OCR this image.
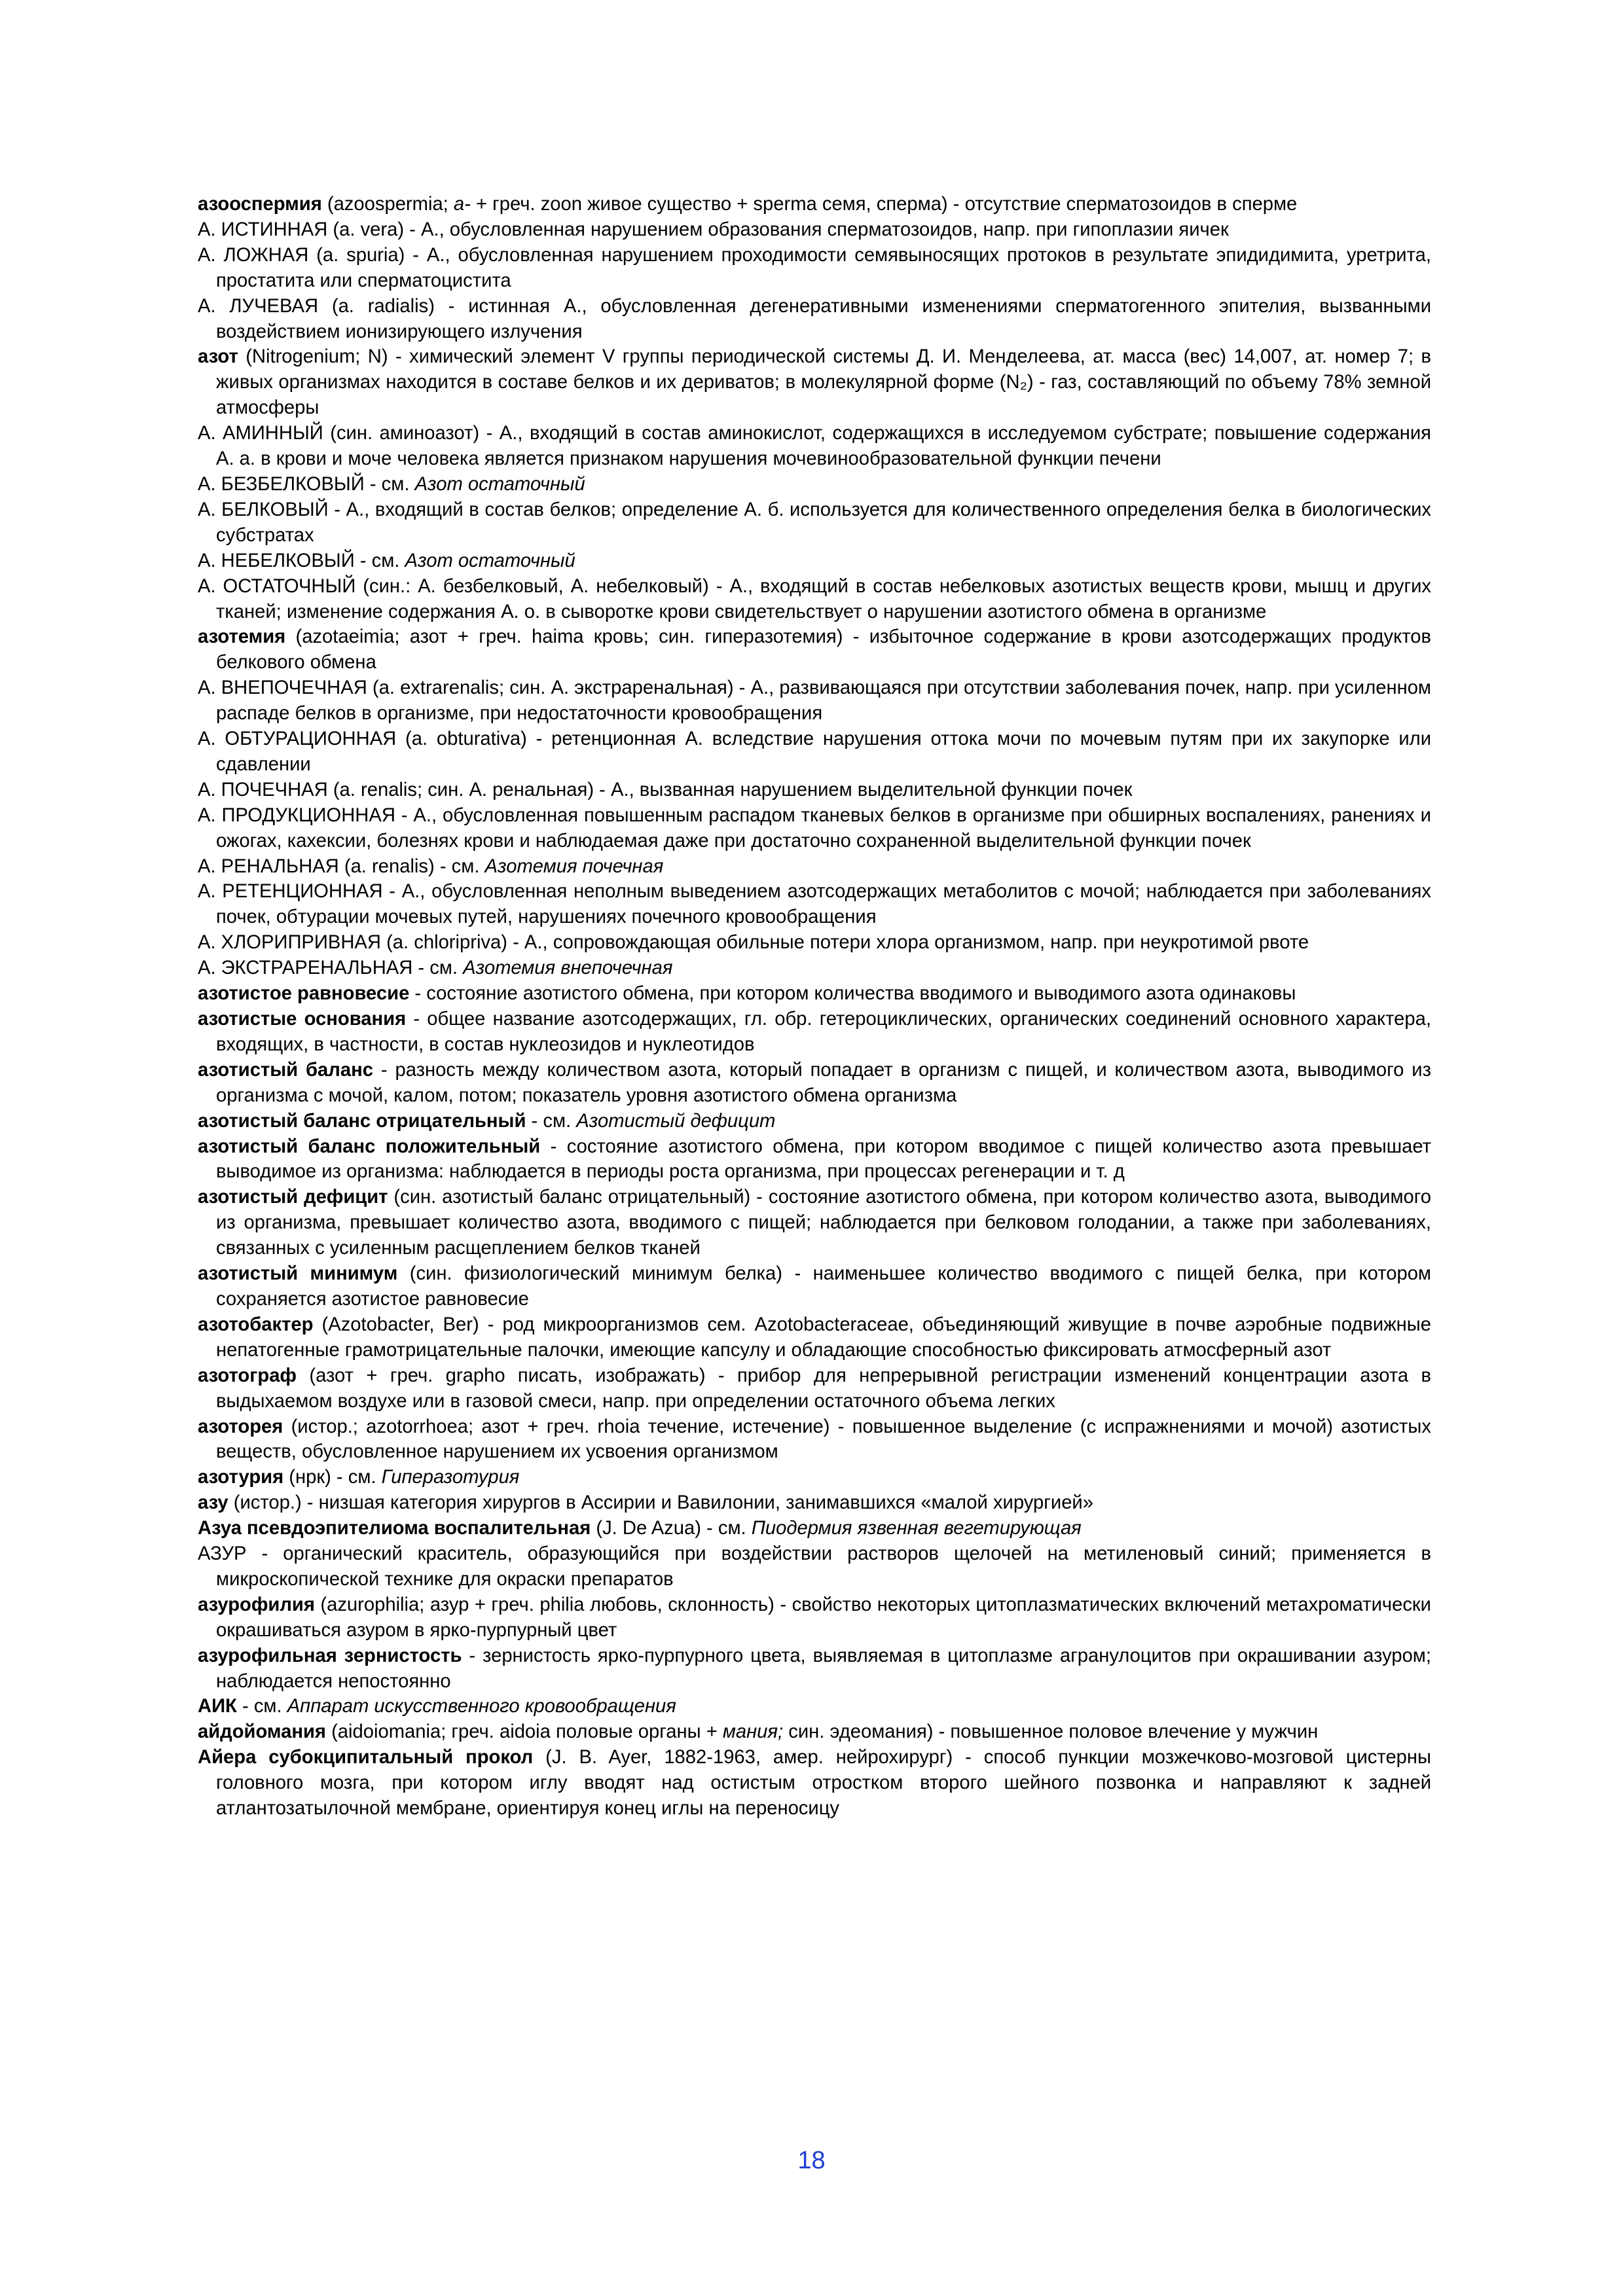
азооспермия (azoospermia; а- + греч. zoon живое существо + sperma семя, сперма) - отсутствие сперматозоидов в сперме

А. ИСТИННАЯ (a. vera) - А., обусловленная нарушением образования сперматозоидов, напр. при гипоплазии яичек

А. ЛОЖНАЯ (a. spuria) - А., обусловленная нарушением проходимости семявыносящих протоков в результате эпидидимита, уретрита, простатита или сперматоцистита

А. ЛУЧЕВАЯ (a. radialis) - истинная А., обусловленная дегенеративными изменениями сперматогенного эпителия, вызванными воздействием ионизирующего излучения

азот (Nitrogenium; N) - химический элемент V группы периодической системы Д. И. Менделеева, ат. масса (вес) 14,007, ат. номер 7; в живых организмах находится в составе белков и их дериватов; в молекулярной форме (N₂) - газ, составляющий по объему 78% земной атмосферы

А. АМИННЫЙ (син. аминоазот) - А., входящий в состав аминокислот, содержащихся в исследуемом субстрате; повышение содержания А. а. в крови и моче человека является признаком нарушения мочевинообразовательной функции печени

А. БЕЗБЕЛКОВЫЙ - см. Азот остаточный

А. БЕЛКОВЫЙ - А., входящий в состав белков; определение А. б. используется для количественного определения белка в биологических субстратах

А. НЕБЕЛКОВЫЙ - см. Азот остаточный

А. ОСТАТОЧНЫЙ (син.: А. безбелковый, А. небелковый) - А., входящий в состав небелковых азотистых веществ крови, мышц и других тканей; изменение содержания А. о. в сыворотке крови свидетельствует о нарушении азотистого обмена в организме

азотемия (azotaeimia; азот + греч. haima кровь; син. гиперазотемия) - избыточное содержание в крови азотсодержащих продуктов белкового обмена

А. ВНЕПОЧЕЧНАЯ (a. extrarenalis; син. А. экстраренальная) - А., развивающаяся при отсутствии заболевания почек, напр. при усиленном распаде белков в организме, при недостаточности кровообращения

А. ОБТУРАЦИОННАЯ (a. obturativa) - ретенционная А. вследствие нарушения оттока мочи по мочевым путям при их закупорке или сдавлении

А. ПОЧЕЧНАЯ (a. renalis; син. А. ренальная) - А., вызванная нарушением выделительной функции почек

А. ПРОДУКЦИОННАЯ - А., обусловленная повышенным распадом тканевых белков в организме при обширных воспалениях, ранениях и ожогах, кахексии, болезнях крови и наблюдаемая даже при достаточно сохраненной выделительной функции почек

А. РЕНАЛЬНАЯ (a. renalis) - см. Азотемия почечная

А. РЕТЕНЦИОННАЯ - А., обусловленная неполным выведением азотсодержащих метаболитов с мочой; наблюдается при заболеваниях почек, обтурации мочевых путей, нарушениях почечного кровообращения

А. ХЛОРИПРИВНАЯ (a. chloripriva) - А., сопровождающая обильные потери хлора организмом, напр. при неукротимой рвоте

А. ЭКСТРАРЕНАЛЬНАЯ - см. Азотемия внепочечная

азотистое равновесие - состояние азотистого обмена, при котором количества вводимого и выводимого азота одинаковы

азотистые основания - общее название азотсодержащих, гл. обр. гетероциклических, органических соединений основного характера, входящих, в частности, в состав нуклеозидов и нуклеотидов

азотистый баланс - разность между количеством азота, который попадает в организм с пищей, и количеством азота, выводимого из организма с мочой, калом, потом; показатель уровня азотистого обмена организма

азотистый баланс отрицательный - см. Азотистый дефицит

азотистый баланс положительный - состояние азотистого обмена, при котором вводимое с пищей количество азота превышает выводимое из организма: наблюдается в периоды роста организма, при процессах регенерации и т. д

азотистый дефицит (син. азотистый баланс отрицательный) - состояние азотистого обмена, при котором количество азота, выводимого из организма, превышает количество азота, вводимого с пищей; наблюдается при белковом голодании, а также при заболеваниях, связанных с усиленным расщеплением белков тканей

азотистый минимум (син. физиологический минимум белка) - наименьшее количество вводимого с пищей белка, при котором сохраняется азотистое равновесие

азотобактер (Azotobacter, Ber) - род микроорганизмов сем. Azotobacteraceae, объединяющий живущие в почве аэробные подвижные непатогенные грамотрицательные палочки, имеющие капсулу и обладающие способностью фиксировать атмосферный азот

азотограф (азот + греч. grapho писать, изображать) - прибор для непрерывной регистрации изменений концентрации азота в выдыхаемом воздухе или в газовой смеси, напр. при определении остаточного объема легких

азоторея (истор.; azotorrhoea; азот + греч. rhoia течение, истечение) - повышенное выделение (с испражнениями и мочой) азотистых веществ, обусловленное нарушением их усвоения организмом

азотурия (нрк) - см. Гиперазотурия

азу (истор.) - низшая категория хирургов в Ассирии и Вавилонии, занимавшихся «малой хирургией»

Азуа псевдоэпителиома воспалительная (J. De Azua) - см. Пиодермия язвенная вегетирующая

АЗУР - органический краситель, образующийся при воздействии растворов щелочей на метиленовый синий; применяется в микроскопической технике для окраски препаратов

азурофилия (azurophilia; азур + греч. philia любовь, склонность) - свойство некоторых цитоплазматических включений метахроматически окрашиваться азуром в ярко-пурпурный цвет

азурофильная зернистость - зернистость ярко-пурпурного цвета, выявляемая в цитоплазме агранулоцитов при окрашивании азуром; наблюдается непостоянно

АИК - см. Аппарат искусственного кровообращения

айдойомания (aidoiomania; греч. aidoia половые органы + мания; син. эдеомания) - повышенное половое влечение у мужчин

Айера субокципитальный прокол (J. B. Ayer, 1882-1963, амер. нейрохирург) - способ пункции мозжечково-мозговой цистерны головного мозга, при котором иглу вводят над остистым отростком второго шейного позвонка и направляют к задней атлантозатылочной мембране, ориентируя конец иглы на переносицу

18
